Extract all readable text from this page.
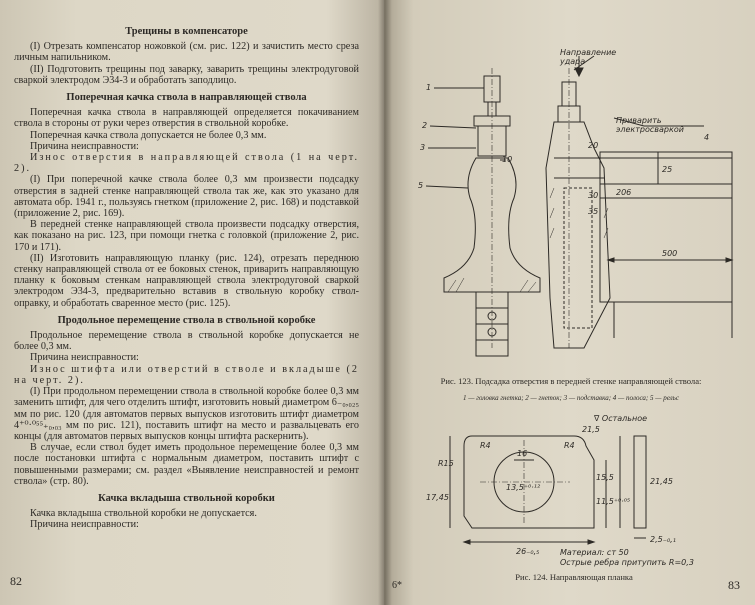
Трещины в компенсаторе

(I) Отрезать компенсатор ножовкой (см. рис. 122) и зачистить место среза личным напильником.

(II) Подготовить трещины под заварку, заварить трещины электродуговой сваркой электродом Э34-3 и обработать заподлицо.

Поперечная качка ствола в направляющей ствола

Поперечная качка ствола в направляющей определяется покачиванием ствола в стороны от руки через отверстия в ствольной коробке.

Поперечная качка ствола допускается не более 0,3 мм.

Причина неисправности:

Износ отверстия в направляющей ствола (1 на черт. 2).

(I) При поперечной качке ствола более 0,3 мм произвести подсадку отверстия в задней стенке направляющей ствола так же, как это указано для автомата обр. 1941 г., пользуясь гнетком (приложение 2, рис. 168) и подставкой (приложение 2, рис. 169).

В передней стенке направляющей ствола произвести подсадку отверстия, как показано на рис. 123, при помощи гнетка с головкой (приложение 2, рис. 170 и 171).

(II) Изготовить направляющую планку (рис. 124), отрезать переднюю стенку направляющей ствола от ее боковых стенок, приварить направляющую планку к боковым стенкам направляющей ствола электродуговой сваркой электродом Э34-3, предварительно вставив в ствольную коробку ствол-оправку, и обработать сваренное место (рис. 125).

Продольное перемещение ствола в ствольной коробке

Продольное перемещение ствола в ствольной коробке допускается не более 0,3 мм.

Причина неисправности:

Износ штифта или отверстий в стволе и вкладыше (2 на черт. 2).

(I) При продольном перемещении ствола в ствольной коробке более 0,3 мм заменить штифт, для чего отделить штифт, изготовить новый диаметром 6₋₀,₀₂₅ мм по рис. 120 (для автоматов первых выпусков изготовить штифт диаметром 4⁺⁰·⁰⁵⁵₊₀,₀₃ мм по рис. 121), поставить штифт на место и развальцевать его концы (для автоматов первых выпусков концы штифта раскернить).

В случае, если ствол будет иметь продольное перемещение более 0,3 мм после постановки штифта с нормальным диаметром, поставить штифт с повышенными размерами; см. раздел «Выявление неисправностей и ремонт ствола» (стр. 80).

Качка вкладыша ствольной коробки

Качка вкладыша ствольной коробки не допускается.

Причина неисправности:

82
1
2
3
5
10
20
25
30
35
206
500
4
Направление удара
Приварить электросваркой
Рис. 123. Подсадка отверстия в передней стенке направляющей ствола:
1 — головка гнетка; 2 — гнеток; 3 — подставка; 4 — полоса; 5 — рельс
R15
R4
R4
16
13,5⁺⁰·¹²
17,45
21,5
15,5
11,5⁺⁰·⁰⁵
21,45
26₋₀,₅
2,5₋₀,₁
∇ Остальное
Материал: ст 50
Острые ребра притупить R=0,3
Рис. 124. Направляющая планка
6*	83
